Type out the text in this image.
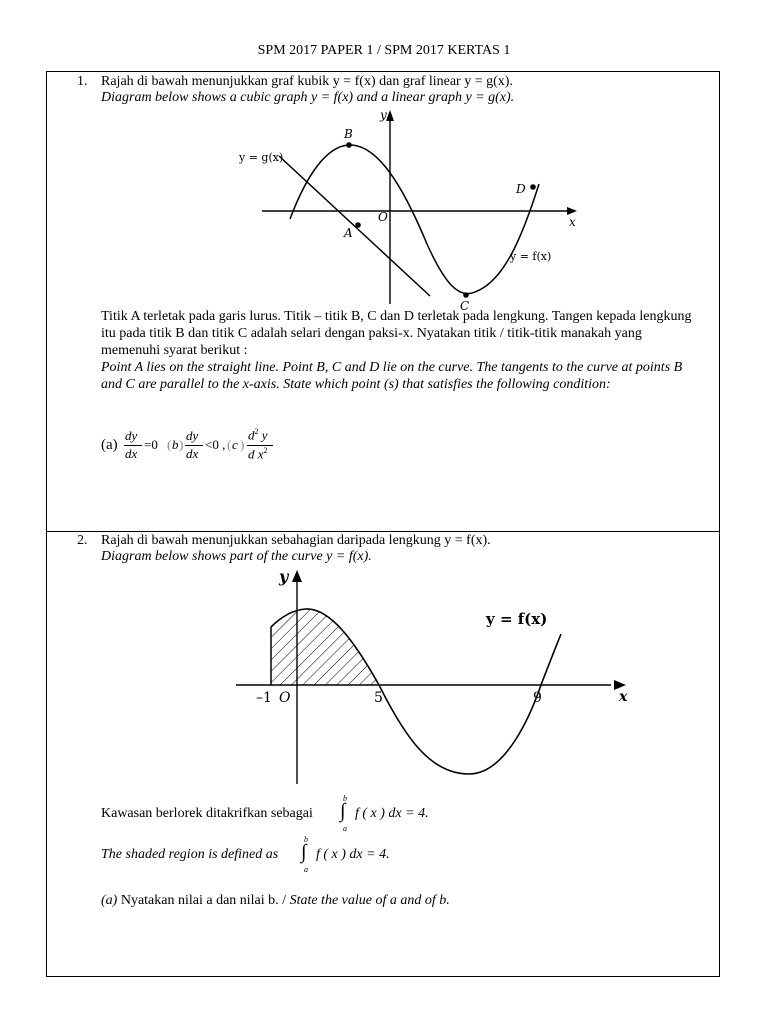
SPM 2017 PAPER 1 / SPM 2017 KERTAS 1
1. Rajah di bawah menunjukkan graf kubik y = f(x) dan graf linear y = g(x).
Diagram below shows a cubic graph y = f(x) and a linear graph y = g(x).
y
x
O
y = g(x)
y = f(x)
B
A
C
D
Titik A terletak pada garis lurus. Titik – titik B, C dan D terletak pada lengkung. Tangen kepada lengkung itu pada titik B dan titik C adalah selari dengan paksi-x. Nyatakan titik / titik-titik manakah yang memenuhi syarat berikut :
Point A lies on the straight line. Point B, C and D lie on the curve. The tangents to the curve at points B and C are parallel to the x-axis. State which point (s) that satisfies the following condition:
(a)
dy
dx
=0 ( b )
dy
dx
<0 , ( c )
$d^2$ y
d $x^2$
2. Rajah di bawah menunjukkan sebahagian daripada lengkung y = f(x).
Diagram below shows part of the curve y = f(x).
y
x
O
–1	5	9
y = f(x)
Kawasan berlorek ditakrifkan sebagai
b
∫
a
f ( x ) dx = 4.
The shaded region is defined as
b
∫
a
f ( x ) dx = 4.
(a) Nyatakan nilai a dan nilai b. / State the value of a and of b.
